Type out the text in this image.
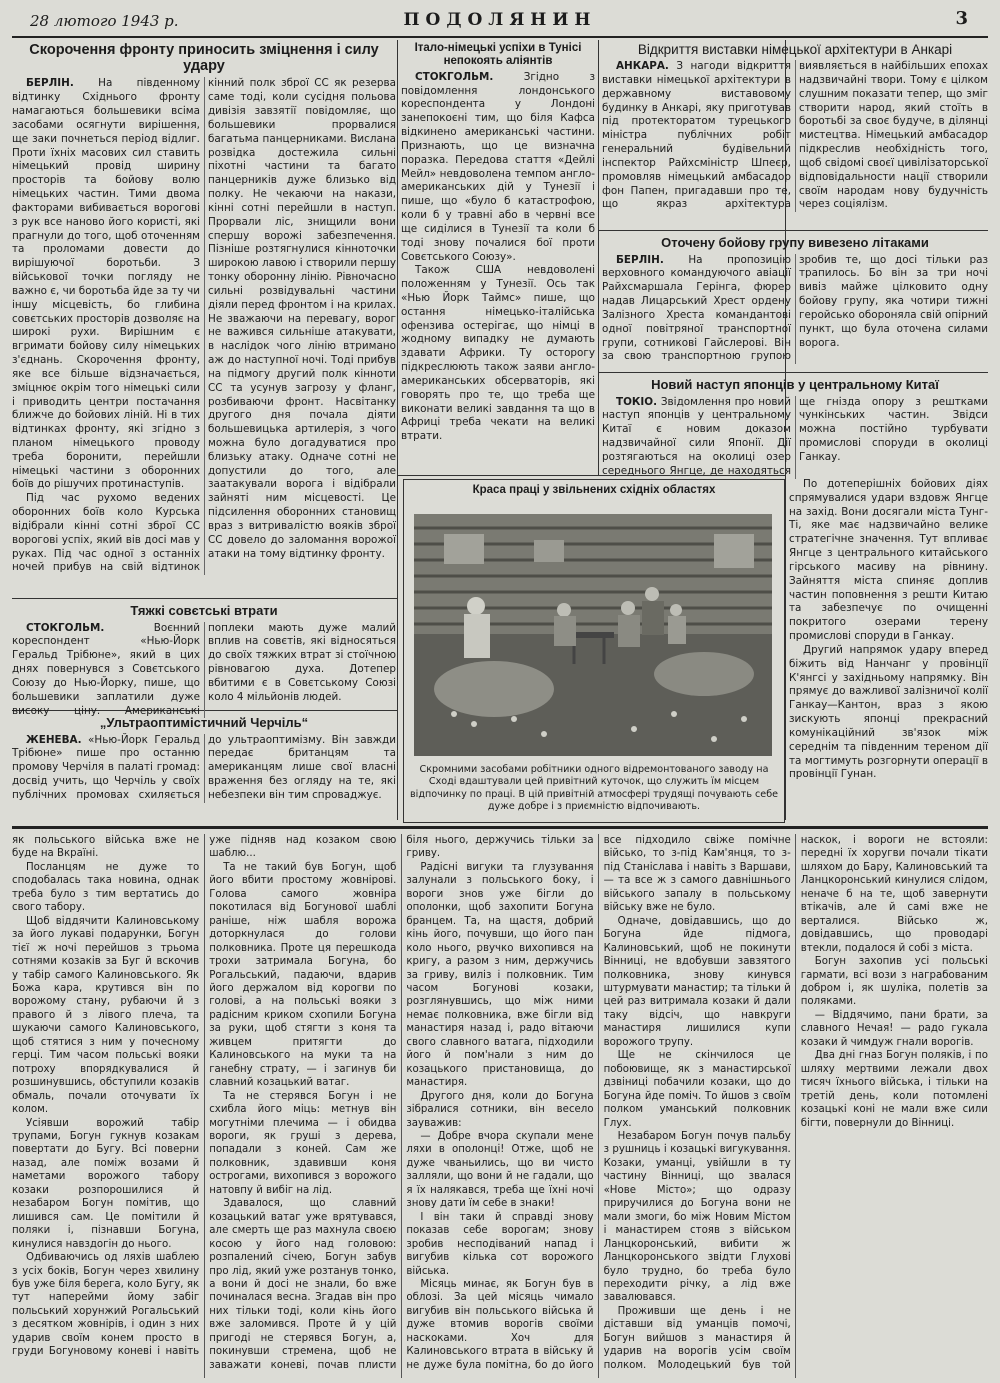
28 лютого 1943 р.	ПОДОЛЯНИН	3
Скорочення фронту приносить зміцнення і силу удару

БЕРЛІН. На південному відтинку Східнього фронту намагаються большевики всіма засобами осягнути вирішення, ще заки почнеться період відлиг. Проти їхніх масових сил ставить німецький провід ширину просторів та бойову волю німецьких частин. Тими двома факторами вибивається ворогові з рук все наново його користі, які прагнули до того, щоб оточенням та проломами довести до вирішуючої боротьби. З військової точки погляду не важно є, чи боротьба йде за ту чи іншу місцевість, бо глибина совєтських просторів дозволяє на широкі рухи. Вирішним є вгримати бойову силу німецьких з'єднань. Скорочення фронту, яке все більше відзначається, зміцнює окрім того німецькі сили і приводить центри постачання ближче до бойових ліній. Ні в тих відтинках фронту, які згідно з планом німецького проводу треба боронити, перейшли німецькі частини з оборонних боїв до рішучих протинаступів.

Під час рухомо ведених оборонних боїв коло Курська відібрали кінні сотні зброї СС ворогові успіх, який вів досі мав у руках. Під час одної з останніх ночей прибув на свій відтинок кінний полк зброї СС як резерва саме тоді, коли сусідня польова дивізія завзятії повідомляє, що большевики прорвалися багатьма панцерниками. Висланa розвідка достежила сильні піхотні частини та багато панцерників дуже близько від полку. Не чекаючи на накази, кінні сотні перейшли в наступ. Прорвали ліс, знищили вони спершу ворожі забезпечення. Пізніше розтягнулися кінноточки широкою лавою і створили першу тонку оборонну лінію. Рівночасно сильні розвідувальні частини діяли перед фронтом і на крилах. Не зважаючи на перевагу, ворог не важився сильніше атакувати, в наслідок чого лінію втримано аж до наступної ночі. Тоді прибув на підмогу другий полк кінноти СС та усунув загрозу у фланг, розбиваючи фронт. Насвітанку другого дня почала діяти большевицька артилерія, з чого можна було догадуватися про близьку атаку. Одначе сотні не допустили до того, але заатакували ворога і відібрали зайняті ним місцевості. Це підсилення оборонних становищ враз з витривалістю вояків зброї СС довело до заломання ворожої атаки на тому відтинку фронту.

Тяжкі совєтські втрати

СТОКГОЛЬМ.	Воєнний кореспондент «Нью-Йорк Геральд Трібюне», який в цих днях повернувся з Совєтського Союзу до Нью-Йорку, пише, що большевики заплатили дуже високу ціну. Американські поплеки мають дуже малий вплив на совєтів, які відносяться до своїх тяжких втрат зі стоїчною рівновагою духа. Дотепер вбитими є в Совєтському Союзі коло 4 мільйонів людей.

„Ультраоптимістичний Черчіль“

ЖЕНЕВА. «Нью-Йорк Геральд Трібюне» пише про останню промову Черчіля в палаті громад: досвід учить, що Черчіль у своїх публічних промовах схиляється до ультраоптимізму. Він завжди передає британцям та американцям лише свої власні враження без огляду на те, які небезпеки він тим спроваджує.

Італо-німецькі успіхи в Тунісі непокоять аліянтів

СТОКГОЛЬМ.	Згідно з повідомлення лондонського кореспондента у Лондоні занепокоєні тим, що біля Кафса відкинено американські частини. Признають, що це визначна поразка. Передова стаття «Дейлі Мейл» невдоволена темпом англо-американських дій у Тунезії і пише, що «було б катастрофою, коли б у травні або в червні все ще сиділися в Тунезії та коли б тоді знову почалися бої проти Совєтського Союзу».

Також США невдоволені положенням у Тунезії. Ось так «Нью Йорк Таймс» пише, що остання німецько-італійська офензива остерігає, що німці в жодному випадку не думають здавати Африки. Ту осторогу підкреслюють також заяви англо-американських обсерваторів, які говорять про те, що треба ще виконати великі завдання та що в Африці треба чекати на великі втрати.

Відкриття виставки німецької архітектури в Анкарі

АНКАРА. З нагоди відкриття виставки німецької архітектури в державному виставовому будинку в Анкарі, яку приготував під протекторатом турецького міністра публічних робіт генеральний будівельний інспектор Райхсміністр Шпеєр, промовляв німецький амбасадор фон Папен, пригадавши про те, що якраз архітектура виявляється в найбільших епохах надзвичайні твори. Тому є цілком слушним показати тепер, що зміг створити народ, який стоїть в боротьбі за своє будуче, в ділянці мистецтва. Німецький амбасадор підкреслив необхідність того, щоб свідомі своєї цивілізаторської відповідальности нації створили своїм народам нову будучність через соціялізм.

Оточену бойову групу вивезено літаками

БЕРЛІН. На пропозицію верховного командуючого авіації Райхсмаршала Герінга, фюрер надав Лицарський Хрест ордену Залізного Хреста командантові одної повітряної транспортної групи, сотникові Гайслерові. Він за свою транспортною групою зробив те, що досі тільки раз трапилось. Бо він за три ночі вивіз майже цілковито одну бойову групу, яка чотири тижні геройсько обороняла свій опірний пункт, що була оточена силами ворога.

Новий наступ японців у центральному Китаї

ТОКІО. Звідомлення про новий наступ японців у центральному Китаї є новим доказом надзвичайної сили Японії. Дії розтягаються на околиці озер середнього Янгце, де находяться ще гнізда опору з рештками чункінських частин. Звідси можна постійно турбувати промислові споруди в околиці Ганкау.

По дотеперішніх бойових діях спрямувалися удари вздовж Янгце на захід. Вони досягали міста Тунг-Ті, яке має надзвичайно велике стратегічне значення. Тут впливає Янгце з центрального китайського гірського масиву на рівнину. Зайняття міста спиняє доплив частин поповнення з решти Китаю та забезпечує по очищенні покритого озерами терену промислові споруди в Ганкау.

Другий напрямок удару вперед біжить від Нанчанг у провінції К'янгсі у західньому напрямку. Він прямує до важливої залізничої колії Ганкау—Кантон, враз з якою зискують японці прекрасний комунікаційний зв'язок між середнім та південним тереном дії та могтимуть розгорнути операції в провінції Гунан.

Краса праці у звільнених східніх областях
Скромними засобами робітники одного відремонтованого заводу на Сході вдаштували цей привітний куточок, що служить їм місцем відпочинку по праці. В цій привітній атмосфері трудящі почувають себе дуже добре і з приємністю відпочивають.

як польського війська вже не буде на Вкраїні.

Посланцям не дуже то сподобалась така новина, однак треба було з тим вертатись до свого табору.

Щоб віддячити Калиновському за його лукаві подарунки, Богун тієї ж ночі перейшов з трьома сотнями козаків за Буг й вскочив у табір самого Калиновського. Як Божа кара, крутився він по ворожому стану, рубаючи й з правого й з лівого плеча, та шукаючи самого Калиновського, щоб стятися з ним у почесному герці. Тим часом польські вояки потроху впорядкувалися й розшинувшись, обступили козаків обмаль, почали оточувати їх колом.

Усіявши ворожий табір трупами, Богун гукнув козакам повертати до Бугу. Всі поверни назад, але поміж возами й наметами ворожого табору козаки розпорошилися й незабаром Богун помітив, що лишився сам. Це помітили й поляки і, пізнавши Богуна, кинулися навздогін до нього.

Одбиваючись од ляхів шаблею з усіх боків, Богун через хвилину був уже біля берега, коло Бугу, як тут наперейми йому забіг польський хорунжий Рогальський з десятком жовнірів, і один з них ударив своїм конем просто в груди Богуновому коневі і навіть уже підняв над козаком свою шаблю...

Та не такий був Богун, щоб його вбити простому жовнірові. Голова самого жовніра покотилася від Богунової шаблі раніше, ніж шабля ворожа доторкнулася до голови полковника. Проте ця перешкода трохи затримала Богуна, бо Рогальський, падаючи, вдарив його держалом від корогви по голові, а на польські вояки з радісним криком схопили Богуна за руки, щоб стягти з коня та живцем притягти до Калиновського на муки та на ганебну страту, — і загинув би славний козацький ватаг.

Та не стерявся Богун і не схибла його міць: метнув він могутніми плечима — і обидва вороги, як груші з дерева, попадали з коней. Сам же полковник, здавивши коня острогами, вихопився з ворожого натовпу й вибіг на лід.

Здавалося, що славний козацький ватаг уже врятувався, але смерть ще раз махнула своєю косою у його над головою: розпалений січею, Богун забув про лід, який уже розтанув тонко, а вони й досі не знали, бо вже починалася весна. Згадав він про них тільки тоді, коли кінь його вже заломився. Проте й у цій пригоді не стерявся Богун, а, покинувши стремена, щоб не заважати коневі, почав плисти біля нього, держучись тільки за гриву.

Радісні вигуки та глузування залунали з польського боку, і вороги знов уже бігли до ополонки, щоб захопити Богуна бранцем. Та, на щастя, добрий кінь його, почувши, що його пан коло нього, рвучко вихопився на кригу, а разом з ним, держучись за гриву, виліз і полковник. Тим часом Богунові козаки, розглянувшись, що між ними немає полковника, вже бігли від манастиря назад і, радо вітаючи свого славного ватага, підходили його й пом'нали з ним до козацького пристановища, до манастиря.

Другого дня, коли до Богуна зібралися сотники, він весело зауважив:

— Добре вчора скупали мене ляхи в ополонці! Отже, щоб не дуже чваньились, що ви чисто залляли, що вони й не гадали, що я їх налякався, треба ще їхні ночі знову дати їм себе в знаки!

І він таки й справді знову показав себе ворогам; знову зробив несподіваний напад і вигубив кілька сот ворожого війська.

Місяць минає, як Богун був в облозі. За цей місяць чимало вигубив він польського війська й дуже втомив ворогів своїми наскоками. Хоч для Калиновського втрата в війську й не дуже була помітна, бо до його все підходило свіже помічне військо, то з-під Кам'янця, то з-під Станіслава і навіть з Варшави, — та все ж з самого давнішнього війського запалу в польському війську вже не було.

Одначе, довідавшись, що до Богуна йде підмога, Калиновський, щоб не покинути Вінниці, не вдобувши завзятого полковника, знову кинувся штурмувати манастир; та тільки й цей раз витримала козаки й дали таку відсіч, що навкруги манастиря лишилися купи ворожого трупу.

Ще не скінчилося це побоювище, як з манастирської дзвіниці побачили козаки, що до Богуна йде поміч. То йшов з своїм полком уманський полковник Глух.

Незабаром Богун почув пальбу з рушниць і козацькі вигукування. Козаки, уманці, увійшли в ту частину Вінниці, що звалася «Нове Місто»; що одразу приручилися до Богуна вони не мали змоги, бо між Новим Містом і манастирем стояв з військом Ланцкоронський, вибити ж Ланцкоронського звідти Глухові було трудно, бо треба було переходити річку, а лід вже завалювався.

Проживши ще день і не діставши від уманців помочі, Богун вийшов з манастиря й ударив на ворогів усім своїм полком. Молодецький був той наскок, і вороги не встояли: передні їх хоругви почали тікати шляхом до Бару, Калиновський та Ланцкоронський кинулися слідом, неначе б на те, щоб завернути втікачів, але й самі вже не верталися. Військо ж, довідавшись, що проводарі втекли, подалося й собі з міста.

Богун захопив усі польські гармати, всі вози з награбованим добром і, як шуліка, полетів за поляками.

— Віддячимо, пани брати, за славного Нечая! — радо гукала козаки й чимдуж гнали ворогів.

Два дні гназ Богун поляків, і по шляху мертвими лежали двох тисяч їхнього війська, і тільки на третій день, коли потомлені козацькі коні не мали вже сили бігти, повернули до Вінниці.
